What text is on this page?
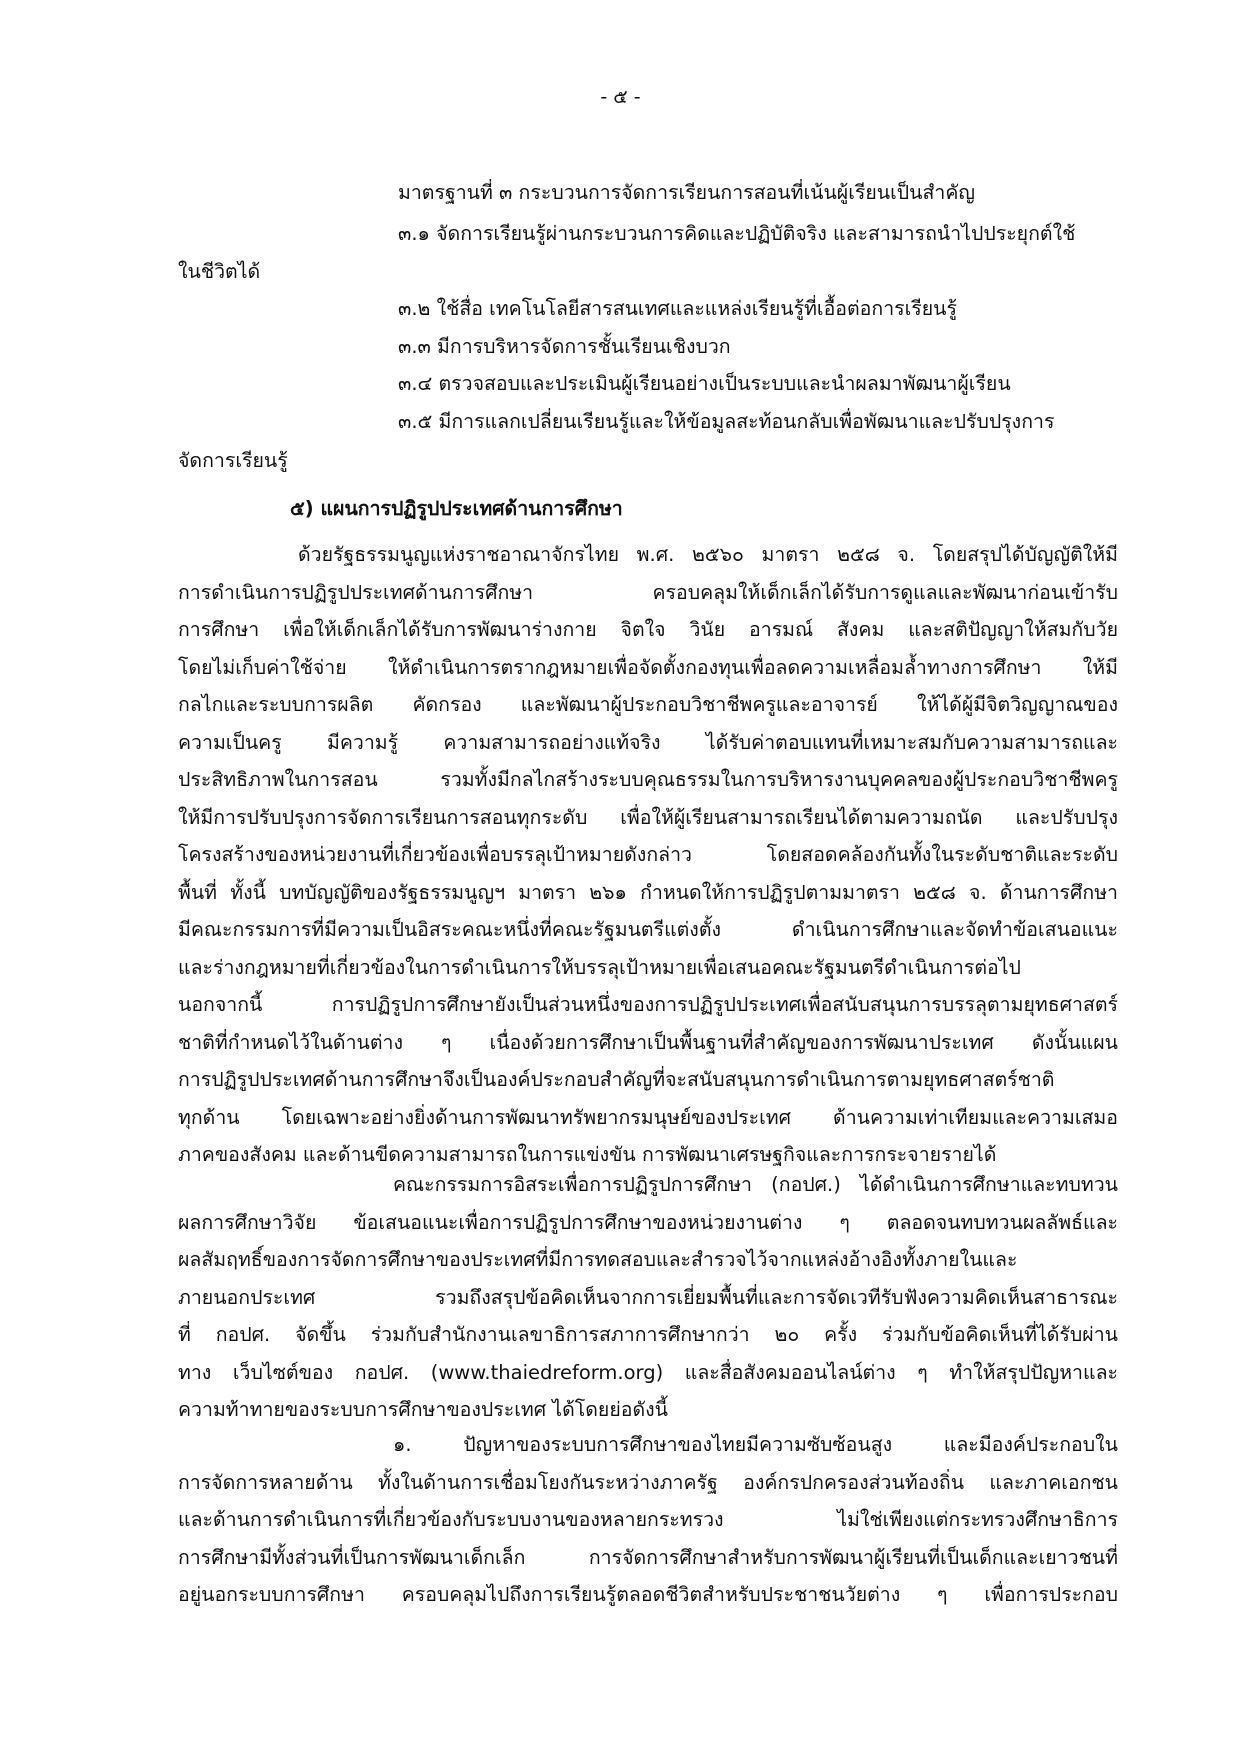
- ๕ -
มาตรฐานที่ ๓ กระบวนการจัดการเรียนการสอนที่เน้นผู้เรียนเป็นสำคัญ
๓.๑ จัดการเรียนรู้ผ่านกระบวนการคิดและปฏิบัติจริง และสามารถนำไปประยุกต์ใช้
ในชีวิตได้
๓.๒ ใช้สื่อ เทคโนโลยีสารสนเทศและแหล่งเรียนรู้ที่เอื้อต่อการเรียนรู้
๓.๓ มีการบริหารจัดการชั้นเรียนเชิงบวก
๓.๔ ตรวจสอบและประเมินผู้เรียนอย่างเป็นระบบและนำผลมาพัฒนาผู้เรียน
๓.๕ มีการแลกเปลี่ยนเรียนรู้และให้ข้อมูลสะท้อนกลับเพื่อพัฒนาและปรับปรุงการ
จัดการเรียนรู้
๕) แผนการปฏิรูปประเทศด้านการศึกษา
ด้วยรัฐธรรมนูญแห่งราชอาณาจักรไทย พ.ศ. ๒๕๖๐ มาตรา ๒๕๘ จ. โดยสรุปได้บัญญัติให้มี
การดำเนินการปฏิรูปประเทศด้านการศึกษา ครอบคลุมให้เด็กเล็กได้รับการดูแลและพัฒนาก่อนเข้ารับ
การศึกษา เพื่อให้เด็กเล็กได้รับการพัฒนาร่างกาย จิตใจ วินัย อารมณ์ สังคม และสติปัญญาให้สมกับวัย
โดยไม่เก็บค่าใช้จ่าย ให้ดำเนินการตรากฎหมายเพื่อจัดตั้งกองทุนเพื่อลดความเหลื่อมล้ำทางการศึกษา ให้มี
กลไกและระบบการผลิต คัดกรอง และพัฒนาผู้ประกอบวิชาชีพครูและอาจารย์ ให้ได้ผู้มีจิตวิญญาณของ
ความเป็นครู มีความรู้ ความสามารถอย่างแท้จริง ได้รับค่าตอบแทนที่เหมาะสมกับความสามารถและ
ประสิทธิภาพในการสอน รวมทั้งมีกลไกสร้างระบบคุณธรรมในการบริหารงานบุคคลของผู้ประกอบวิชาชีพครู
ให้มีการปรับปรุงการจัดการเรียนการสอนทุกระดับ เพื่อให้ผู้เรียนสามารถเรียนได้ตามความถนัด และปรับปรุง
โครงสร้างของหน่วยงานที่เกี่ยวข้องเพื่อบรรลุเป้าหมายดังกล่าว โดยสอดคล้องกันทั้งในระดับชาติและระดับ
พื้นที่ ทั้งนี้ บทบัญญัติของรัฐธรรมนูญฯ มาตรา ๒๖๑ กำหนดให้การปฏิรูปตามมาตรา ๒๕๘ จ. ด้านการศึกษา
มีคณะกรรมการที่มีความเป็นอิสระคณะหนึ่งที่คณะรัฐมนตรีแต่งตั้ง ดำเนินการศึกษาและจัดทำข้อเสนอแนะ
และร่างกฎหมายที่เกี่ยวข้องในการดำเนินการให้บรรลุเป้าหมายเพื่อเสนอคณะรัฐมนตรีดำเนินการต่อไป
นอกจากนี้ การปฏิรูปการศึกษายังเป็นส่วนหนึ่งของการปฏิรูปประเทศเพื่อสนับสนุนการบรรลุตามยุทธศาสตร์
ชาติที่กำหนดไว้ในด้านต่าง ๆ เนื่องด้วยการศึกษาเป็นพื้นฐานที่สำคัญของการพัฒนาประเทศ ดังนั้นแผน
การปฏิรูปประเทศด้านการศึกษาจึงเป็นองค์ประกอบสำคัญที่จะสนับสนุนการดำเนินการตามยุทธศาสตร์ชาติ
ทุกด้าน โดยเฉพาะอย่างยิ่งด้านการพัฒนาทรัพยากรมนุษย์ของประเทศ ด้านความเท่าเทียมและความเสมอ
ภาคของสังคม และด้านขีดความสามารถในการแข่งขัน การพัฒนาเศรษฐกิจและการกระจายรายได้
คณะกรรมการอิสระเพื่อการปฏิรูปการศึกษา (กอปศ.) ได้ดำเนินการศึกษาและทบทวน
ผลการศึกษาวิจัย ข้อเสนอแนะเพื่อการปฏิรูปการศึกษาของหน่วยงานต่าง ๆ ตลอดจนทบทวนผลลัพธ์และ
ผลสัมฤทธิ์ของการจัดการศึกษาของประเทศที่มีการทดสอบและสำรวจไว้จากแหล่งอ้างอิงทั้งภายในและ
ภายนอกประเทศ รวมถึงสรุปข้อคิดเห็นจากการเยี่ยมพื้นที่และการจัดเวทีรับฟังความคิดเห็นสาธารณะ
ที่ กอปศ. จัดขึ้น ร่วมกับสำนักงานเลขาธิการสภาการศึกษากว่า ๒๐ ครั้ง ร่วมกับข้อคิดเห็นที่ได้รับผ่าน
ทาง เว็บไซต์ของ กอปศ. (www.thaiedreform.org) และสื่อสังคมออนไลน์ต่าง ๆ ทำให้สรุปปัญหาและ
ความท้าทายของระบบการศึกษาของประเทศ ได้โดยย่อดังนี้
๑. ปัญหาของระบบการศึกษาของไทยมีความซับซ้อนสูง และมีองค์ประกอบใน
การจัดการหลายด้าน ทั้งในด้านการเชื่อมโยงกันระหว่างภาครัฐ องค์กรปกครองส่วนท้องถิ่น และภาคเอกชน
และด้านการดำเนินการที่เกี่ยวข้องกับระบบงานของหลายกระทรวง ไม่ใช่เพียงแต่กระทรวงศึกษาธิการ
การศึกษามีทั้งส่วนที่เป็นการพัฒนาเด็กเล็ก การจัดการศึกษาสำหรับการพัฒนาผู้เรียนที่เป็นเด็กและเยาวชนที่
อยู่นอกระบบการศึกษา ครอบคลุมไปถึงการเรียนรู้ตลอดชีวิตสำหรับประชาชนวัยต่าง ๆ เพื่อการประกอบ
